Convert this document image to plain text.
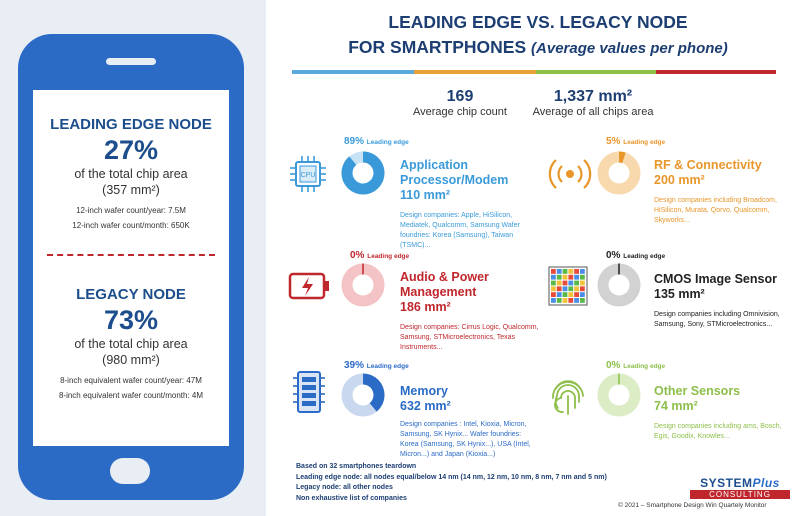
LEADING EDGE NODE
27%
of the total chip area
(357 mm²)
12-inch wafer count/year: 7.5M
12-inch wafer count/month: 650K
LEGACY NODE
73%
of the total chip area
(980 mm²)
8-inch equivalent wafer count/year: 47M
8-inch equivalent wafer count/month: 4M
LEADING EDGE VS. LEGACY NODE
FOR SMARTPHONES (Average values per phone)
169
Average chip count
1,337 mm²
Average of all chips area
CPU
89% Leading edge
Application
Processor/Modem
110 mm²
Design companies: Apple, HiSilicon, Mediatek, Qualcomm, Samsung Wafer foundries: Korea (Samsung), Taiwan (TSMC)...
5% Leading edge
RF & Connectivity
200 mm²
Design companies including Broadcom, HiSilicon, Murata, Qorvo, Qualcomm, Skyworks...
0% Leading edge
Audio & Power
Management
186 mm²
Design companies: Cirrus Logic, Qualcomm, Samsung, STMicroelectronics, Texas Instruments...
0% Leading edge
CMOS Image Sensor
135 mm²
Design companies including Omnivision, Samsung, Sony, STMicroelectronics...
39% Leading edge
Memory
632 mm²
Design companies : Intel, Kioxia, Micron, Samsung, SK Hynix... Wafer foundries: Korea (Samsung, SK Hynix...), USA (Intel, Micron...) and Japan (Kioxia...)
0% Leading edge
Other Sensors
74 mm²
Design companies including ams, Bosch, Egis, Goodix, Knowles...
Based on 32 smartphones teardown
Leading edge node: all nodes equal/below 14 nm (14 nm, 12 nm, 10 nm, 8 nm, 7 nm and 5 nm)
Legacy node: all other nodes
Non exhaustive list of companies
SYSTEMPlus
CONSULTING
© 2021 – Smartphone Design Win Quartely Monitor
